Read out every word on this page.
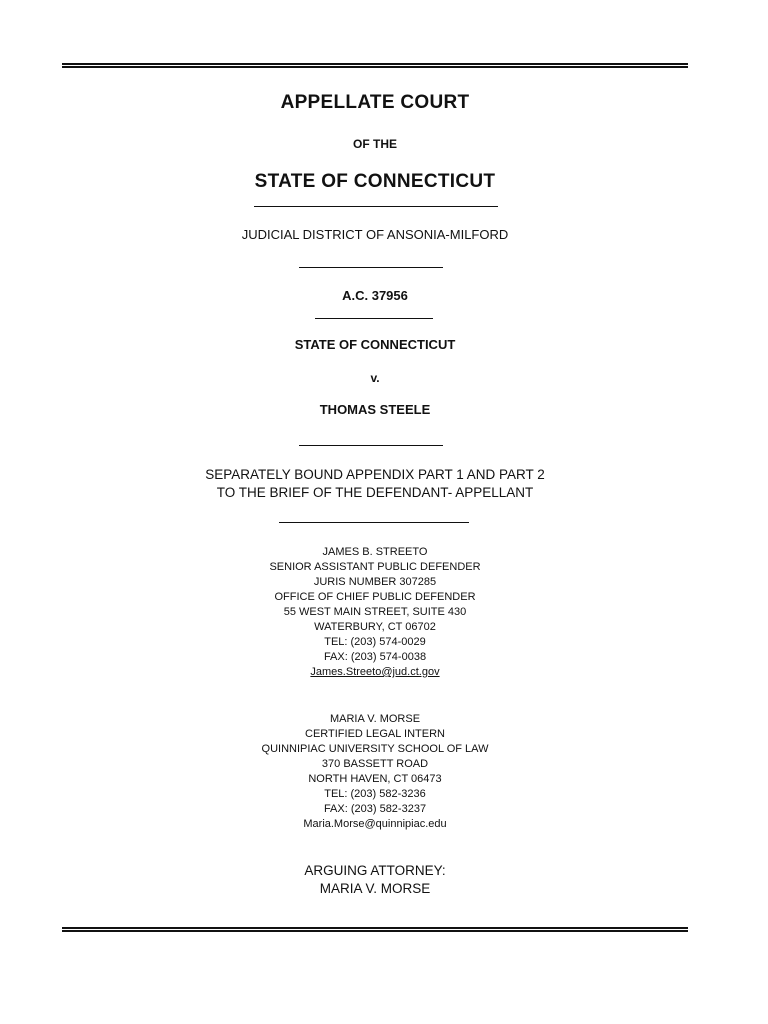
APPELLATE COURT
OF THE
STATE OF CONNECTICUT
JUDICIAL DISTRICT OF ANSONIA-MILFORD
A.C. 37956
STATE OF CONNECTICUT
v.
THOMAS STEELE
SEPARATELY BOUND APPENDIX PART 1 AND PART 2
TO THE BRIEF OF THE DEFENDANT- APPELLANT
JAMES B. STREETO
SENIOR ASSISTANT PUBLIC DEFENDER
JURIS NUMBER 307285
OFFICE OF CHIEF PUBLIC DEFENDER
55 WEST MAIN STREET, SUITE 430
WATERBURY, CT 06702
TEL: (203) 574-0029
FAX: (203) 574-0038
James.Streeto@jud.ct.gov
MARIA V. MORSE
CERTIFIED LEGAL INTERN
QUINNIPIAC UNIVERSITY SCHOOL OF LAW
370 BASSETT ROAD
NORTH HAVEN, CT 06473
TEL: (203) 582-3236
FAX: (203) 582-3237
Maria.Morse@quinnipiac.edu
ARGUING ATTORNEY:
MARIA V. MORSE
